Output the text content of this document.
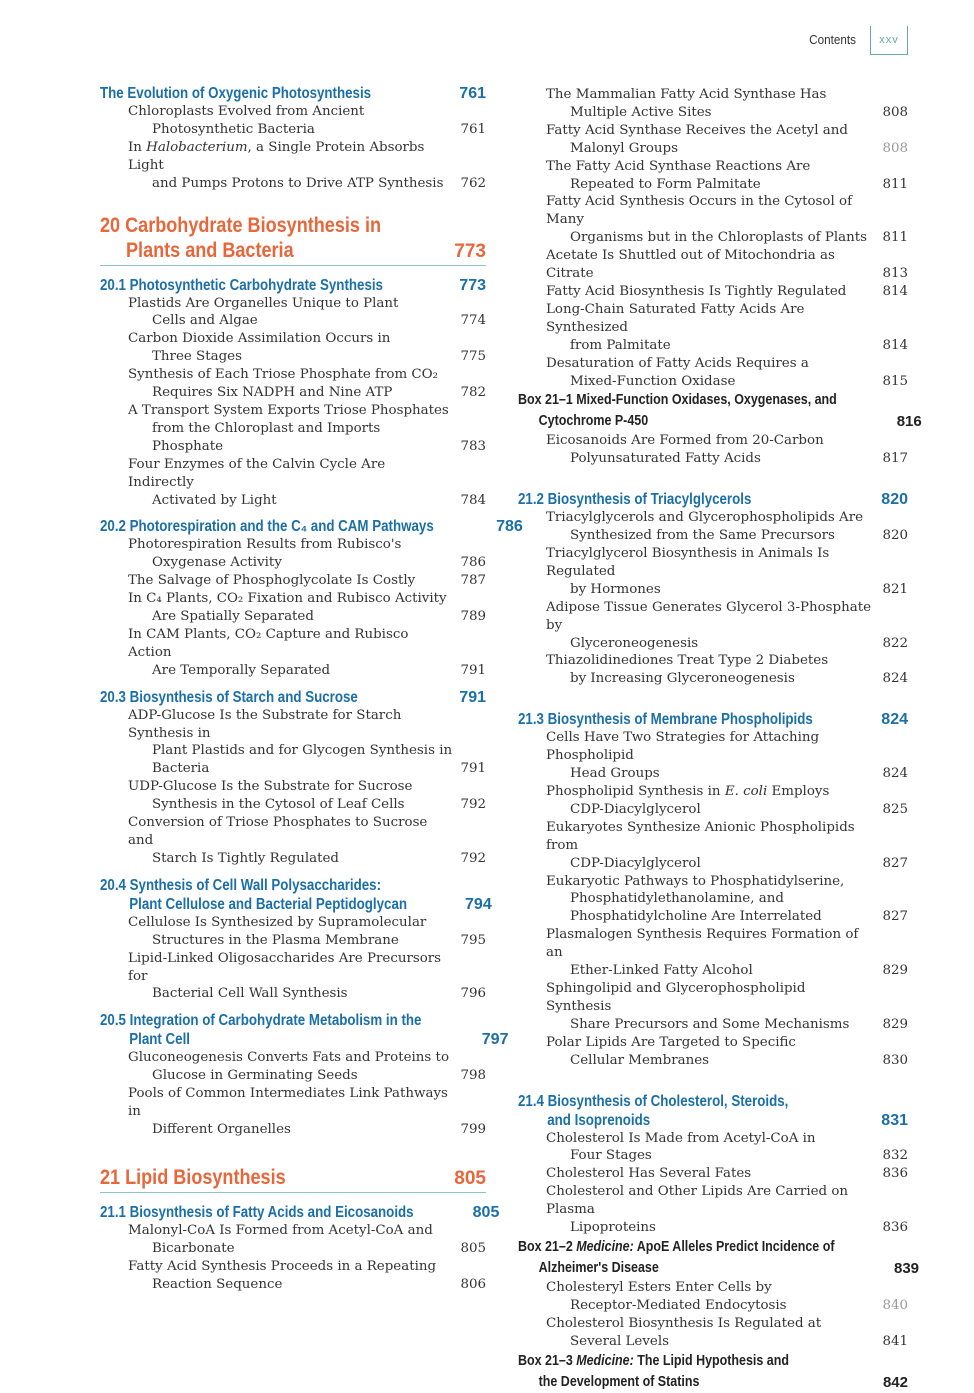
Contents	xxv
The Evolution of Oxygenic Photosynthesis	761
Chloroplasts Evolved from Ancient
Photosynthetic Bacteria	761
In Halobacterium, a Single Protein Absorbs Light
and Pumps Protons to Drive ATP Synthesis	762
20 Carbohydrate Biosynthesis in
Plants and Bacteria	773
20.1 Photosynthetic Carbohydrate Synthesis	773
Plastids Are Organelles Unique to Plant
Cells and Algae	774
Carbon Dioxide Assimilation Occurs in
Three Stages	775
Synthesis of Each Triose Phosphate from CO₂
Requires Six NADPH and Nine ATP	782
A Transport System Exports Triose Phosphates
from the Chloroplast and Imports Phosphate	783
Four Enzymes of the Calvin Cycle Are Indirectly
Activated by Light	784
20.2 Photorespiration and the C₄ and CAM Pathways	786
Photorespiration Results from Rubisco's
Oxygenase Activity	786
The Salvage of Phosphoglycolate Is Costly	787
In C₄ Plants, CO₂ Fixation and Rubisco Activity
Are Spatially Separated	789
In CAM Plants, CO₂ Capture and Rubisco Action
Are Temporally Separated	791
20.3 Biosynthesis of Starch and Sucrose	791
ADP-Glucose Is the Substrate for Starch Synthesis in
Plant Plastids and for Glycogen Synthesis in
Bacteria	791
UDP-Glucose Is the Substrate for Sucrose
Synthesis in the Cytosol of Leaf Cells	792
Conversion of Triose Phosphates to Sucrose and
Starch Is Tightly Regulated	792
20.4 Synthesis of Cell Wall Polysaccharides:
Plant Cellulose and Bacterial Peptidoglycan	794
Cellulose Is Synthesized by Supramolecular
Structures in the Plasma Membrane	795
Lipid-Linked Oligosaccharides Are Precursors for
Bacterial Cell Wall Synthesis	796
20.5 Integration of Carbohydrate Metabolism in the
Plant Cell	797
Gluconeogenesis Converts Fats and Proteins to
Glucose in Germinating Seeds	798
Pools of Common Intermediates Link Pathways in
Different Organelles	799
21 Lipid Biosynthesis	805
21.1 Biosynthesis of Fatty Acids and Eicosanoids	805
Malonyl-CoA Is Formed from Acetyl-CoA and
Bicarbonate	805
Fatty Acid Synthesis Proceeds in a Repeating
Reaction Sequence	806
The Mammalian Fatty Acid Synthase Has
Multiple Active Sites	808
Fatty Acid Synthase Receives the Acetyl and
Malonyl Groups	808
The Fatty Acid Synthase Reactions Are
Repeated to Form Palmitate	811
Fatty Acid Synthesis Occurs in the Cytosol of Many
Organisms but in the Chloroplasts of Plants	811
Acetate Is Shuttled out of Mitochondria as Citrate	813
Fatty Acid Biosynthesis Is Tightly Regulated	814
Long-Chain Saturated Fatty Acids Are Synthesized
from Palmitate	814
Desaturation of Fatty Acids Requires a
Mixed-Function Oxidase	815
Box 21–1 Mixed-Function Oxidases, Oxygenases, and
Cytochrome P-450	816
Eicosanoids Are Formed from 20-Carbon
Polyunsaturated Fatty Acids	817
21.2 Biosynthesis of Triacylglycerols	820
Triacylglycerols and Glycerophospholipids Are
Synthesized from the Same Precursors	820
Triacylglycerol Biosynthesis in Animals Is Regulated
by Hormones	821
Adipose Tissue Generates Glycerol 3-Phosphate by
Glyceroneogenesis	822
Thiazolidinediones Treat Type 2 Diabetes
by Increasing Glyceroneogenesis	824
21.3 Biosynthesis of Membrane Phospholipids	824
Cells Have Two Strategies for Attaching Phospholipid
Head Groups	824
Phospholipid Synthesis in E. coli Employs
CDP-Diacylglycerol	825
Eukaryotes Synthesize Anionic Phospholipids from
CDP-Diacylglycerol	827
Eukaryotic Pathways to Phosphatidylserine,
Phosphatidylethanolamine, and
Phosphatidylcholine Are Interrelated	827
Plasmalogen Synthesis Requires Formation of an
Ether-Linked Fatty Alcohol	829
Sphingolipid and Glycerophospholipid Synthesis
Share Precursors and Some Mechanisms	829
Polar Lipids Are Targeted to Specific
Cellular Membranes	830
21.4 Biosynthesis of Cholesterol, Steroids,
and Isoprenoids	831
Cholesterol Is Made from Acetyl-CoA in
Four Stages	832
Cholesterol Has Several Fates	836
Cholesterol and Other Lipids Are Carried on Plasma
Lipoproteins	836
Box 21–2 Medicine: ApoE Alleles Predict Incidence of
Alzheimer's Disease	839
Cholesteryl Esters Enter Cells by
Receptor-Mediated Endocytosis	840
Cholesterol Biosynthesis Is Regulated at
Several Levels	841
Box 21–3 Medicine: The Lipid Hypothesis and
the Development of Statins	842
